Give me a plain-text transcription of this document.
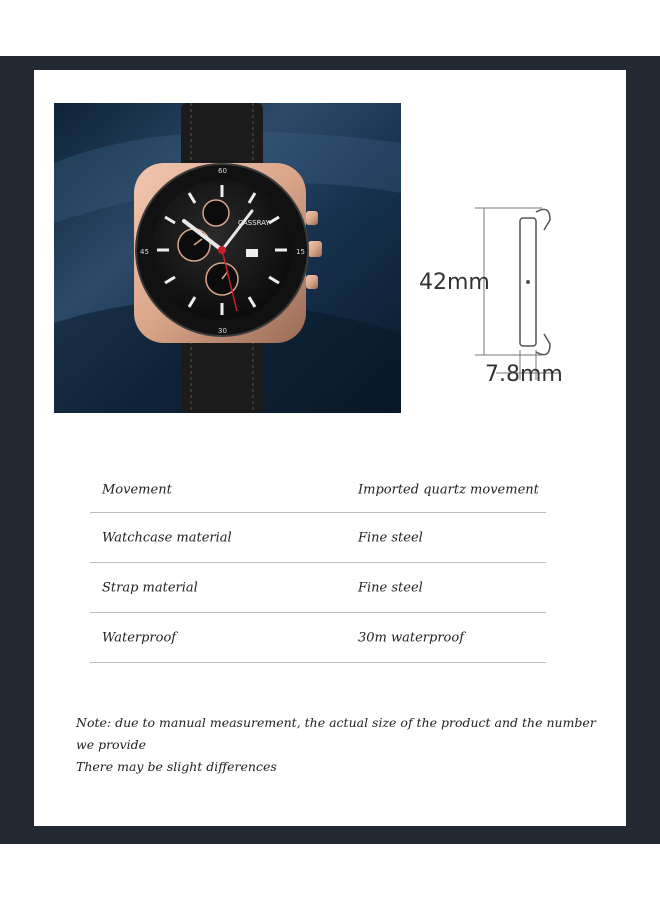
60
30
45	15
CASSRAY
42mm
7.8mm
Movement	Imported quartz movement
Watchcase material	Fine steel
Strap material	Fine steel
Waterproof	30m waterproof
Note: due to manual measurement, the actual size of the product and the number we provide
There may be slight differences
